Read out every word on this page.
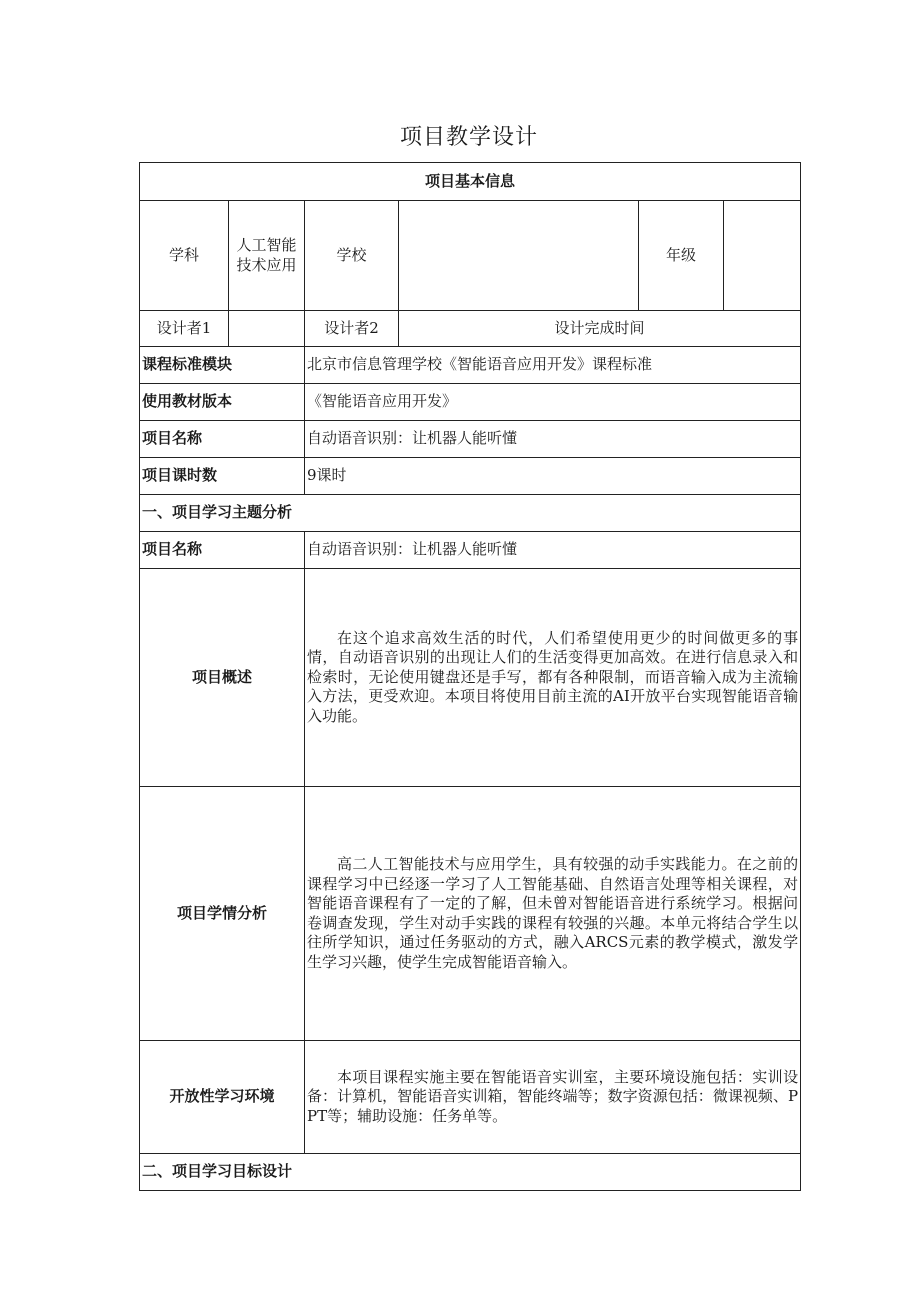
项目教学设计
项目基本信息					
学科	人工智能技术应用	学校		年级	
设计者1		设计者2	设计完成时间		
课程标准模块		北京市信息管理学校《智能语音应用开发》课程标准			
使用教材版本		《智能语音应用开发》			
项目名称		自动语音识别：让机器人能听懂			
项目课时数		9课时			
一、项目学习主题分析					
项目名称		自动语音识别：让机器人能听懂			
项目概述		在这个追求高效生活的时代，人们希望使用更少的时间做更多的事情，自动语音识别的出现让人们的生活变得更加高效。在进行信息录入和检索时，无论使用键盘还是手写，都有各种限制，而语音输入成为主流输入方法，更受欢迎。本项目将使用目前主流的AI开放平台实现智能语音输入功能。			
项目学情分析		高二人工智能技术与应用学生，具有较强的动手实践能力。在之前的课程学习中已经逐一学习了人工智能基础、自然语言处理等相关课程，对智能语音课程有了一定的了解，但未曾对智能语音进行系统学习。根据问卷调查发现，学生对动手实践的课程有较强的兴趣。本单元将结合学生以往所学知识，通过任务驱动的方式，融入ARCS元素的教学模式，激发学生学习兴趣，使学生完成智能语音输入。			
开放性学习环境		本项目课程实施主要在智能语音实训室，主要环境设施包括：实训设备：计算机，智能语音实训箱，智能终端等；数字资源包括：微课视频、PPT等；辅助设施：任务单等。			
二、项目学习目标设计					
